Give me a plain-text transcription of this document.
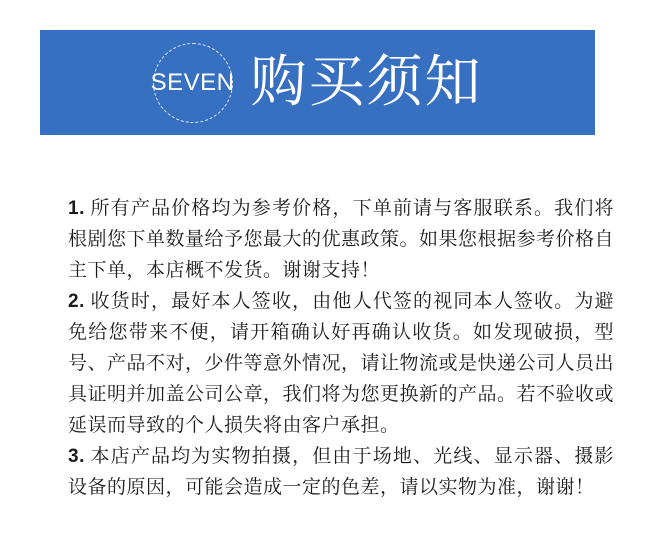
SEVEN 购买须知

1. 所有产品价格均为参考价格，下单前请与客服联系。我们将根剧您下单数量给予您最大的优惠政策。如果您根据参考价格自主下单，本店概不发货。谢谢支持！

2. 收货时，最好本人签收，由他人代签的视同本人签收。为避免给您带来不便，请开箱确认好再确认收货。如发现破损，型号、产品不对，少件等意外情况，请让物流或是快递公司人员出具证明并加盖公司公章，我们将为您更换新的产品。若不验收或延误而导致的个人损失将由客户承担。

3. 本店产品均为实物拍摄，但由于场地、光线、显示器、摄影设备的原因，可能会造成一定的色差，请以实物为准，谢谢！
